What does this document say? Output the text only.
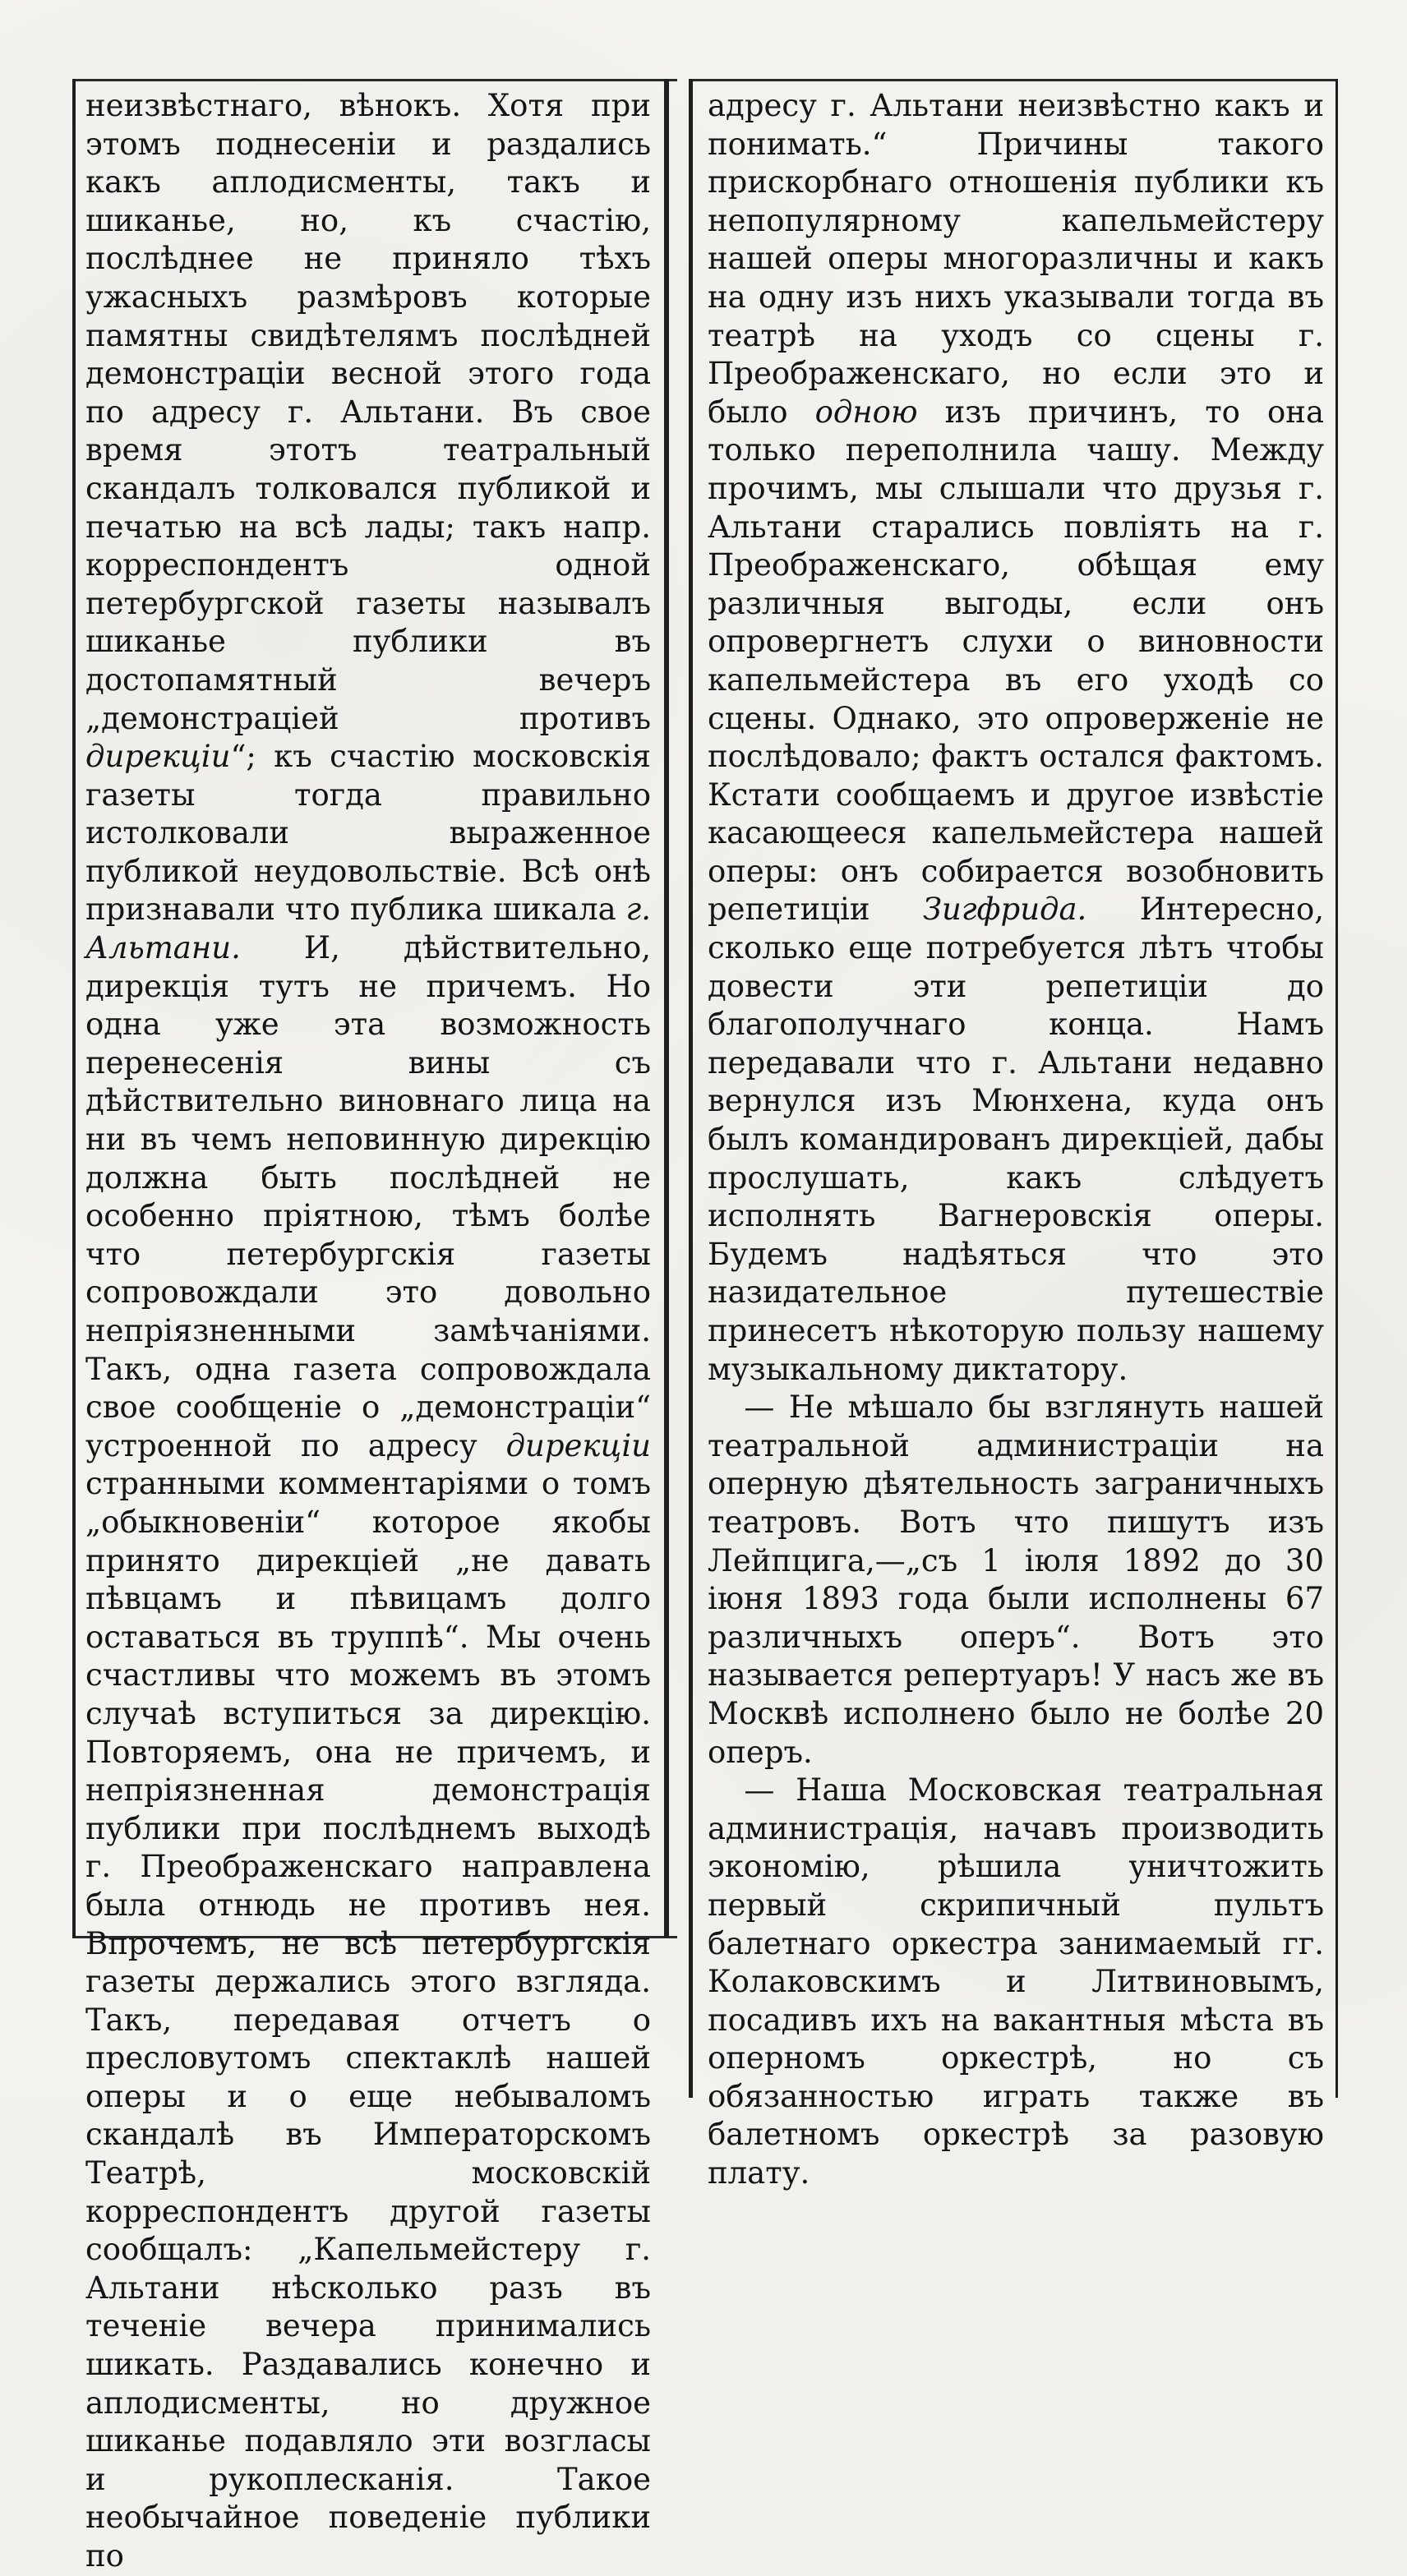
неизвѣстнаго, вѣнокъ. Хотя при этомъ поднесенiи и раздались какъ аплодисменты, такъ и шиканье, но, къ счастiю, послѣднее не приняло тѣхъ ужасныхъ размѣровъ которые памятны свидѣтелямъ послѣдней демонстрацiи весной этого года по адресу г. Альтани. Въ свое время этотъ театральный скандалъ толковался публикой и печатью на всѣ лады; такъ напр. корреспондентъ одной петербургской газеты называлъ шиканье публики въ достопамятный вечеръ „демонстрацiей противъ дирекцiи“; къ счастiю московскiя газеты тогда правильно истолковали выраженное публикой неудовольствiе. Всѣ онѣ признавали что публика шикала г. Альтани. И, дѣйствительно, дирекцiя тутъ не причемъ. Но одна уже эта возможность перенесенiя вины съ дѣйствительно виновнаго лица на ни въ чемъ неповинную дирекцiю должна быть послѣдней не особенно прiятною, тѣмъ болѣе что петербургскiя газеты сопровождали это довольно непрiязненными замѣчанiями. Такъ, одна газета сопровождала свое сообщенiе о „демонстрацiи“ устроенной по адресу дирекцiи странными комментарiями о томъ „обыкновенiи“ которое якобы принято дирекцiей „не давать пѣвцамъ и пѣвицамъ долго оставаться въ труппѣ“. Мы очень счастливы что можемъ въ этомъ случаѣ вступиться за дирекцiю. Повторяемъ, она не причемъ, и непрiязненная демонстрацiя публики при послѣднемъ выходѣ г. Преображенскаго направлена была отнюдь не противъ нея. Впрочемъ, не всѣ петербургскiя газеты держались этого взгляда. Такъ, передавая отчетъ о пресловутомъ спектаклѣ нашей оперы и о еще небываломъ скандалѣ въ Императорскомъ Театрѣ, московскiй корреспондентъ другой газеты сообщалъ: „Капельмейстеру г. Альтани нѣсколько разъ въ теченiе вечера принимались шикать. Раздавались конечно и аплодисменты, но дружное шиканье подавляло эти возгласы и рукоплесканiя. Такое необычайное поведенiе публики по

адресу г. Альтани неизвѣстно какъ и понимать.“ Причины такого прискорбнаго отношенiя публики къ непопулярному капельмейстеру нашей оперы многоразличны и какъ на одну изъ нихъ указывали тогда въ театрѣ на уходъ со сцены г. Преображенскаго, но если это и было одною изъ причинъ, то она только переполнила чашу. Между прочимъ, мы слышали что друзья г. Альтани старались повлiять на г. Преображенскаго, обѣщая ему различныя выгоды, если онъ опровергнетъ слухи о виновности капельмейстера въ его уходѣ со сцены. Однако, это опроверженiе не послѣдовало; фактъ остался фактомъ. Кстати сообщаемъ и другое извѣстiе касающееся капельмейстера нашей оперы: онъ собирается возобновить репетицiи Зигфрида. Интересно, сколько еще потребуется лѣтъ чтобы довести эти репетицiи до благополучнаго конца. Намъ передавали что г. Альтани недавно вернулся изъ Мюнхена, куда онъ былъ командированъ дирекцiей, дабы прослушать, какъ слѣдуетъ исполнять Вагнеровскiя оперы. Будемъ надѣяться что это назидательное путешествiе принесетъ нѣкоторую пользу нашему музыкальному диктатору.

— Не мѣшало бы взглянуть нашей театральной администрацiи на оперную дѣятельность заграничныхъ театровъ. Вотъ что пишутъ изъ Лейпцига,—„съ 1 iюля 1892 до 30 iюня 1893 года были исполнены 67 различныхъ оперъ“. Вотъ это называется репертуаръ! У насъ же въ Москвѣ исполнено было не болѣе 20 оперъ.

— Наша Московская театральная администрацiя, начавъ производить экономiю, рѣшила уничтожить первый скрипичный пультъ балетнаго оркестра занимаемый гг. Колаковскимъ и Литвиновымъ, посадивъ ихъ на вакантныя мѣста въ оперномъ оркестрѣ, но съ обязанностью играть также въ балетномъ оркестрѣ за разовую плату.
